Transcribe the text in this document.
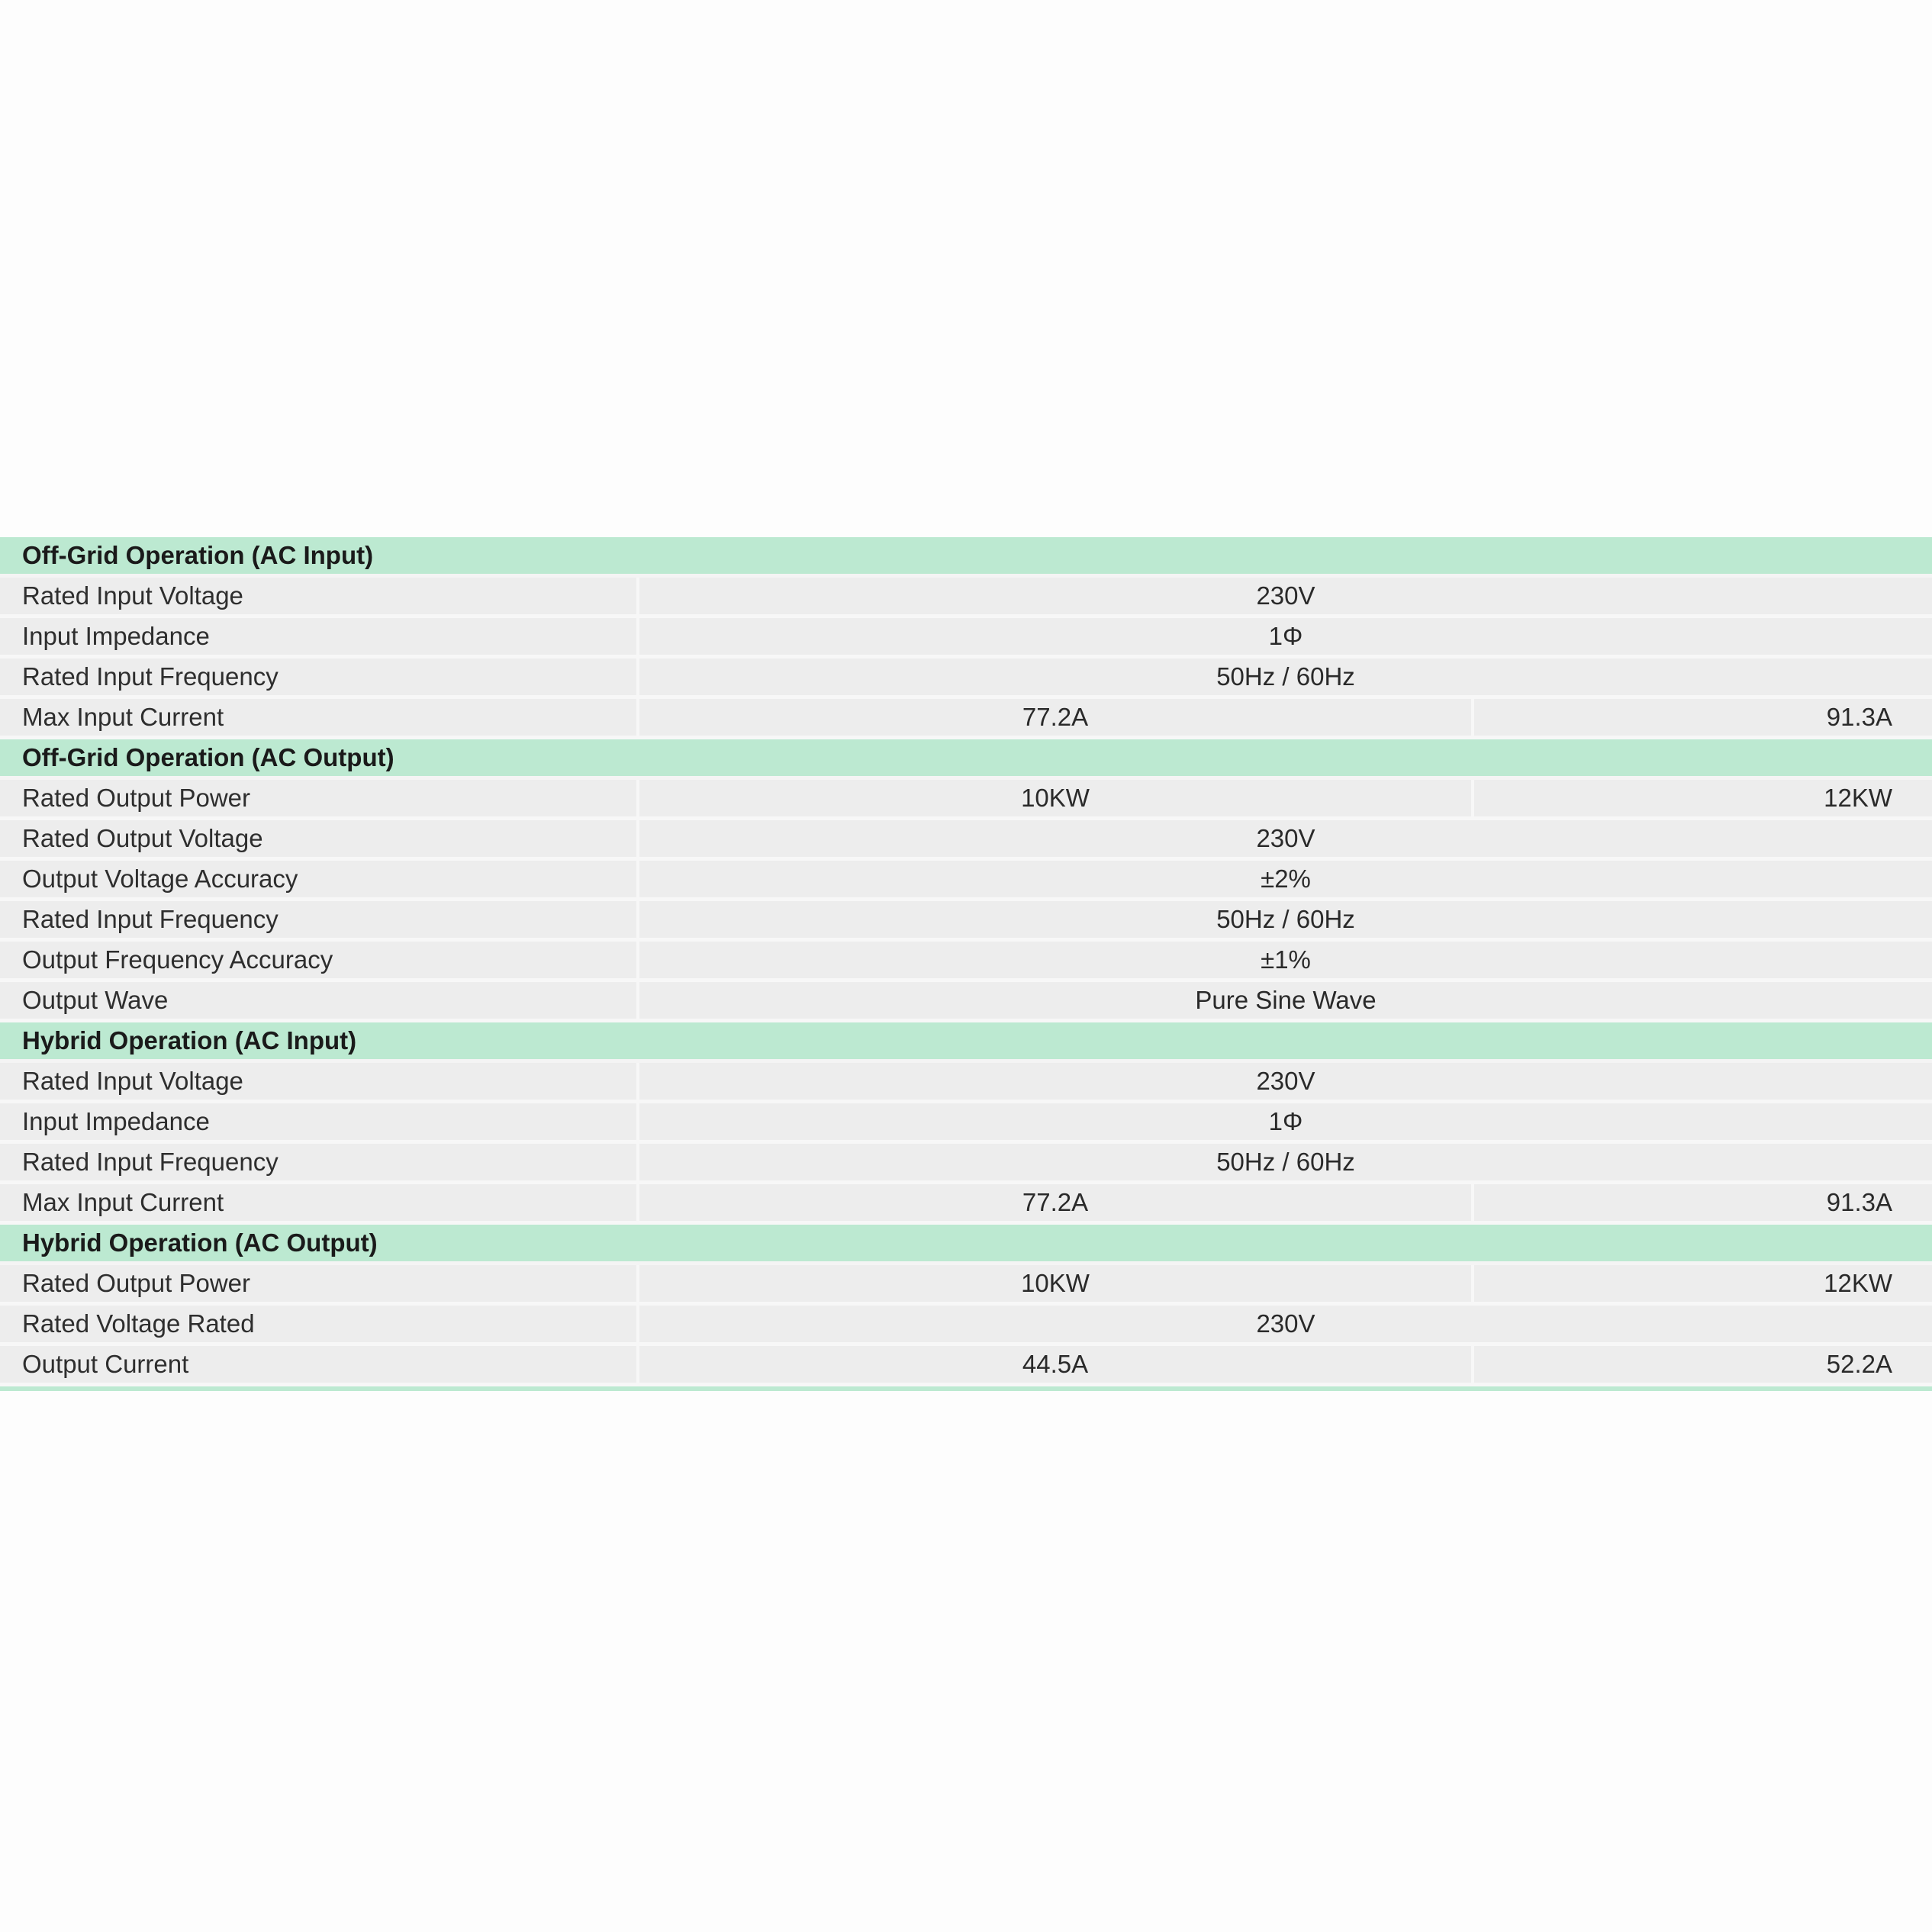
Off-Grid Operation (AC Input)
Rated Input Voltage	230V
Input Impedance	1Φ
Rated Input Frequency	50Hz / 60Hz
Max Input Current	77.2A	91.3A
Off-Grid Operation (AC Output)
Rated Output Power	10KW	12KW
Rated Output Voltage	230V
Output Voltage Accuracy	±2%
Rated Input Frequency	50Hz / 60Hz
Output Frequency Accuracy	±1%
Output Wave	Pure Sine Wave
Hybrid Operation (AC Input)
Rated Input Voltage	230V
Input Impedance	1Φ
Rated Input Frequency	50Hz / 60Hz
Max Input Current	77.2A	91.3A
Hybrid Operation (AC Output)
Rated Output Power	10KW	12KW
Rated Voltage Rated	230V
Output Current	44.5A	52.2A
